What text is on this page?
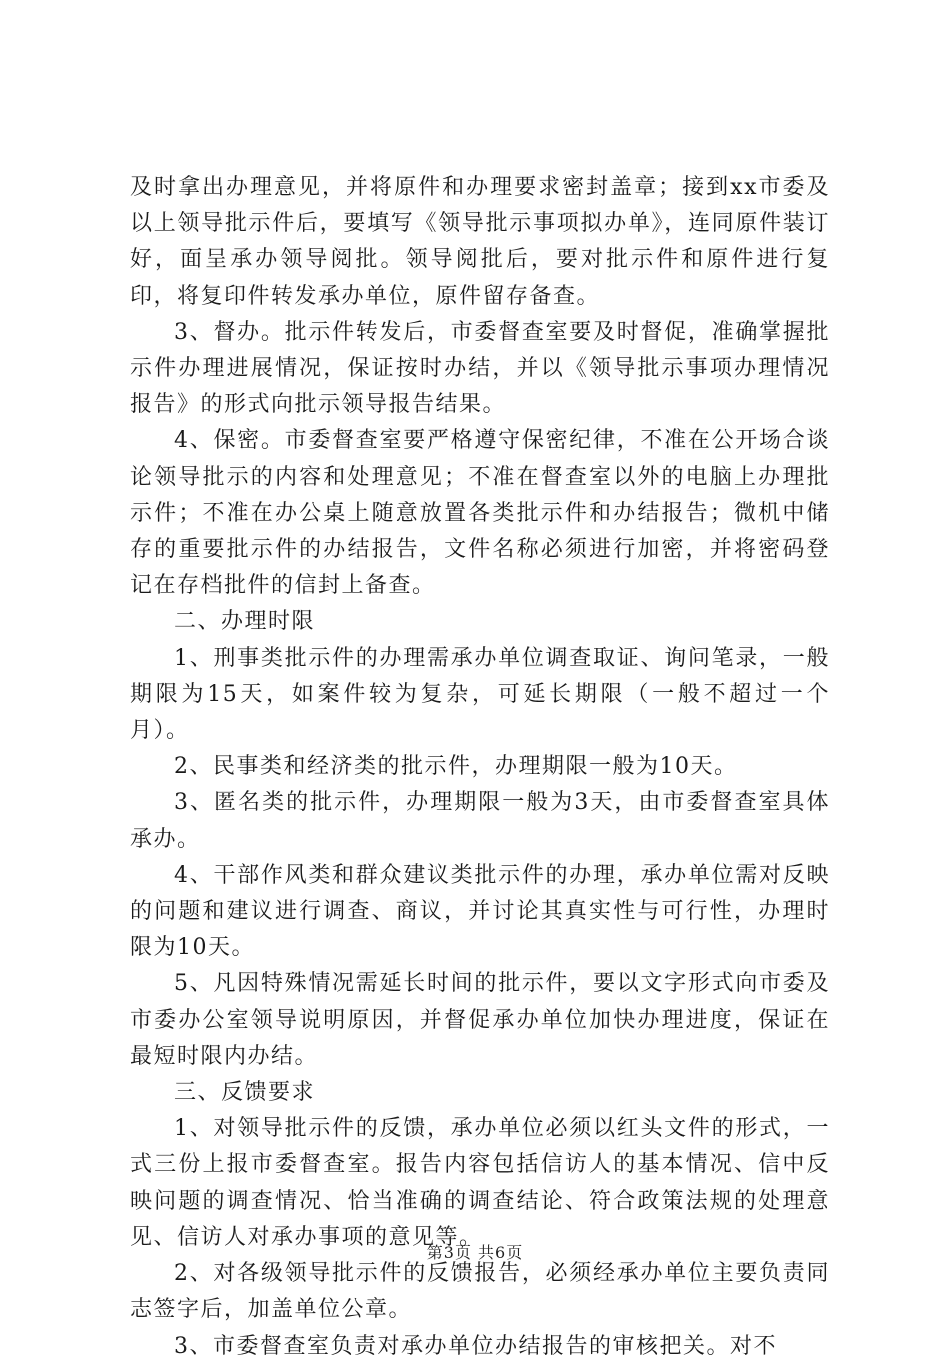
及时拿出办理意见，并将原件和办理要求密封盖章；接到xx市委及以上领导批示件后，要填写《领导批示事项拟办单》，连同原件装订好，面呈承办领导阅批。领导阅批后，要对批示件和原件进行复印，将复印件转发承办单位，原件留存备查。

3、督办。批示件转发后，市委督查室要及时督促，准确掌握批示件办理进展情况，保证按时办结，并以《领导批示事项办理情况报告》的形式向批示领导报告结果。

4、保密。市委督查室要严格遵守保密纪律，不准在公开场合谈论领导批示的内容和处理意见；不准在督查室以外的电脑上办理批示件；不准在办公桌上随意放置各类批示件和办结报告；微机中储存的重要批示件的办结报告，文件名称必须进行加密，并将密码登记在存档批件的信封上备查。

二、办理时限

1、刑事类批示件的办理需承办单位调查取证、询问笔录，一般期限为15天，如案件较为复杂，可延长期限（一般不超过一个月）。

2、民事类和经济类的批示件，办理期限一般为10天。

3、匿名类的批示件，办理期限一般为3天，由市委督查室具体承办。

4、干部作风类和群众建议类批示件的办理，承办单位需对反映的问题和建议进行调查、商议，并讨论其真实性与可行性，办理时限为10天。

5、凡因特殊情况需延长时间的批示件，要以文字形式向市委及市委办公室领导说明原因，并督促承办单位加快办理进度，保证在最短时限内办结。

三、反馈要求

1、对领导批示件的反馈，承办单位必须以红头文件的形式，一式三份上报市委督查室。报告内容包括信访人的基本情况、信中反映问题的调查情况、恰当准确的调查结论、符合政策法规的处理意见、信访人对承办事项的意见等。

2、对各级领导批示件的反馈报告，必须经承办单位主要负责同志签字后，加盖单位公章。

3、市委督查室负责对承办单位办结报告的审核把关。对不

第3页 共6页
